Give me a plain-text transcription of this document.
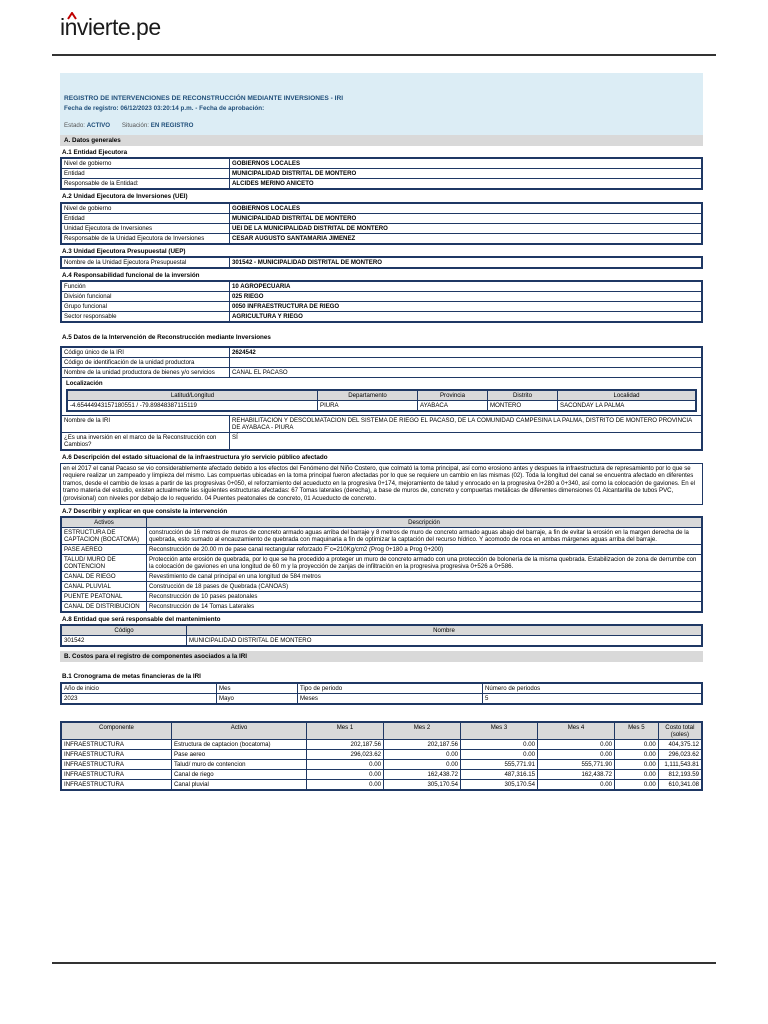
invierte.pe
REGISTRO DE INTERVENCIONES DE RECONSTRUCCIÓN MEDIANTE INVERSIONES - IRI
Fecha de registro: 06/12/2023 03:20:14 p.m. - Fecha de aprobación:
Estado: ACTIVO Situación: EN REGISTRO
A. Datos generales
A.1 Entidad Ejecutora
Nivel de gobierno	GOBIERNOS LOCALES
Entidad	MUNICIPALIDAD DISTRITAL DE MONTERO
Responsable de la Entidad:	ALCIDES MERINO ANICETO
A.2 Unidad Ejecutora de Inversiones (UEI)
Nivel de gobierno	GOBIERNOS LOCALES
Entidad	MUNICIPALIDAD DISTRITAL DE MONTERO
Unidad Ejecutora de Inversiones	UEI DE LA MUNICIPALIDAD DISTRITAL DE MONTERO
Responsable de la Unidad Ejecutora de Inversiones	CESAR AUGUSTO SANTAMARIA JIMENEZ
A.3 Unidad Ejecutora Presupuestal (UEP)
Nombre de la Unidad Ejecutora Presupuestal	301542 - MUNICIPALIDAD DISTRITAL DE MONTERO
A.4 Responsabilidad funcional de la inversión
Función	10 AGROPECUARIA
División funcional	025 RIEGO
Grupo funcional	0050 INFRAESTRUCTURA DE RIEGO
Sector responsable	AGRICULTURA Y RIEGO
A.5 Datos de la Intervención de Reconstrucción mediante Inversiones
Código único de la IRI	2624542
Código de identificación de la unidad productora	
Nombre de la unidad productora de bienes y/o servicios	CANAL EL PACASO

Localización
Latitud/Longitud	Departamento	Provincia	Distrito	Localidad
-4.65444943157180551 / -79.89848387115119	PIURA	AYABACA	MONTERO	SACONDAY LA PALMA

Nombre de la IRI	REHABILITACION Y DESCOLMATACION DEL SISTEMA DE RIEGO EL PACASO, DE LA COMUNIDAD CAMPESINA LA PALMA, DISTRITO DE MONTERO PROVINCIA DE AYABACA - PIURA
¿Es una inversión en el marco de la Reconstrucción con Cambios?	SÍ
A.6 Descripción del estado situacional de la infraestructura y/o servicio público afectado
en el 2017 el canal Pacaso se vio considerablemente afectado debido a los efectos del Fenómeno del Niño Costero, que colmató la toma principal, así como erosiono antes y despues la infraestructura de represamiento por lo que se requiere realizar un zampeado y limpieza del mismo. Las compuertas ubicadas en la toma principal fueron afectadas por lo que se requiere un cambio en las mismas (02). Toda la longitud del canal se encuentra afectado en diferentes tramos, desde el cambio de losas a partir de las progresivas 0+050, el reforzamiento del acueducto en la progresiva 0+174, mejoramiento de talud y enrocado en la progresiva 0+280 a 0+340, así como la colocación de gaviones. En el tramo materia del estudio, existen actualmente las siguientes estructuras afectadas: 67 Tomas laterales (derecha), a base de muros de, concreto y compuertas metálicas de diferentes dimensiones 01 Alcantarilla de tubos PVC, (provisional) con niveles por debajo de lo requerido. 04 Puentes peatonales de concreto, 01 Acueducto de concreto.
A.7 Describir y explicar en que consiste la intervención
Activos	Descripción
ESTRUCTURA DE CAPTACION (BOCATOMA)	construcción de 16 metros de muros de concreto armado aguas arriba del barraje y 8 metros de muro de concreto armado aguas abajo del barraje, a fin de evitar la erosión en la margen derecha de la quebrada, esto sumado al encauzamiento de quebrada con maquinaria a fin de optimizar la captación del recurso hídrico. Y acomodo de roca en ambas márgenes aguas arriba del barraje.
PASE AEREO	Reconstrucción de 20.00 m de pase canal rectangular reforzado F´c=210Kg/cm2 (Prog 0+180 a Prog 0+200)
TALUD/ MURO DE CONTENCION	Protección ante erosión de quebrada, por lo que se ha procedido a proteger un muro de concreto armado con una protección de bolonería de la misma quebrada. Estabilizacion de zona de derrumbe con la colocación de gaviones en una longitud de 60 m y la proyección de zanjas de infiltración en la progresiva progresiva 0+526 a 0+586.
CANAL DE RIEGO	Revestimiento de canal principal en una longitud de 584 metros
CANAL PLUVIAL	Construcción de 18 pases de Quebrada (CANOAS)
PUENTE PEATONAL	Reconstrucción de 10 pases peatonales
CANAL DE DISTRIBUCION	Reconstrucción de 14 Tomas Laterales
A.8 Entidad que será responsable del mantenimiento
Código	Nombre
301542	MUNICIPALIDAD DISTRITAL DE MONTERO
B. Costos para el registro de componentes asociados a la IRI
B.1 Cronograma de metas financieras de la IRI
Año de inicio	Mes	Tipo de periodo	Número de periodos
2023	Mayo	Meses	5
Componente	Activo	Mes 1	Mes 2	Mes 3	Mes 4	Mes 5	Costo total (soles)
INFRAESTRUCTURA	Estructura de captacion (bocatoma)	202,187.56	202,187.56	0.00	0.00	0.00	404,375.12
INFRAESTRUCTURA	Pase aereo	296,023.62	0.00	0.00	0.00	0.00	296,023.62
INFRAESTRUCTURA	Talud/ muro de contencion	0.00	0.00	555,771.91	555,771.90	0.00	1,111,543.81
INFRAESTRUCTURA	Canal de riego	0.00	162,438.72	487,316.15	162,438.72	0.00	812,193.59
INFRAESTRUCTURA	Canal pluvial	0.00	305,170.54	305,170.54	0.00	0.00	610,341.08
